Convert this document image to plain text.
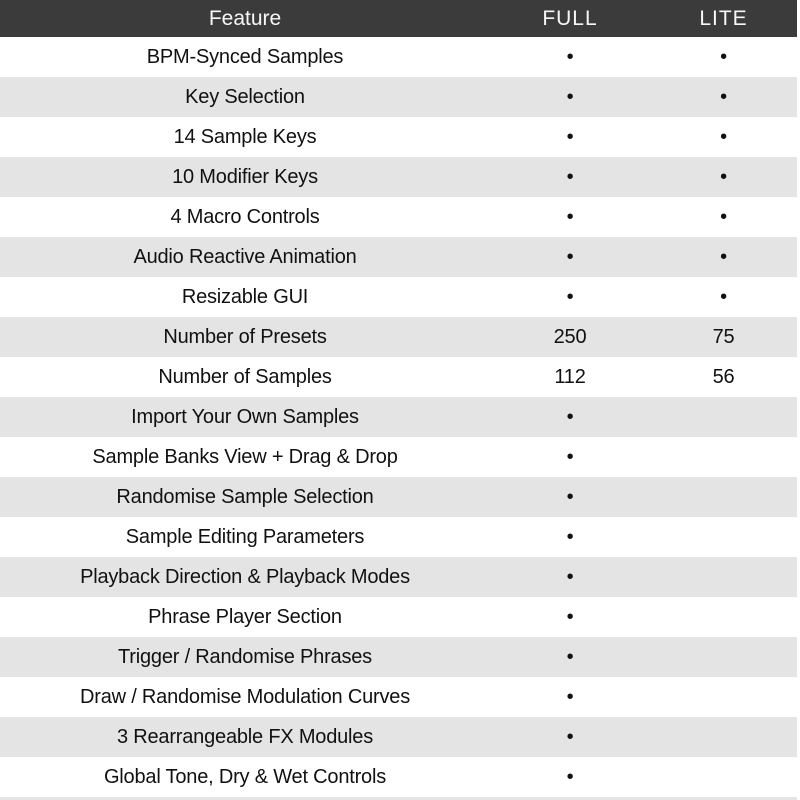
Feature	FULL	LITE
BPM-Synced Samples	•	•
Key Selection	•	•
14 Sample Keys	•	•
10 Modifier Keys	•	•
4 Macro Controls	•	•
Audio Reactive Animation	•	•
Resizable GUI	•	•
Number of Presets	250	75
Number of Samples	112	56
Import Your Own Samples	•
Sample Banks View + Drag & Drop	•
Randomise Sample Selection	•
Sample Editing Parameters	•
Playback Direction & Playback Modes	•
Phrase Player Section	•
Trigger / Randomise Phrases	•
Draw / Randomise Modulation Curves	•
3 Rearrangeable FX Modules	•
Global Tone, Dry & Wet Controls	•
